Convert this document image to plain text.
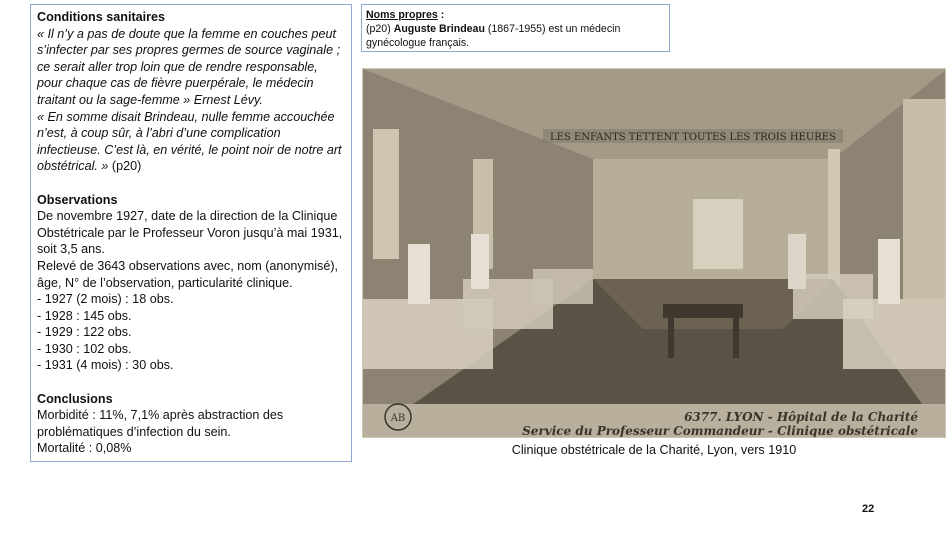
Conditions sanitaires

« Il n’y a pas de doute que la femme en couches peut

s’infecter par ses propres germes de source vaginale ;

ce serait aller trop loin que de rendre responsable,

pour chaque cas de fièvre puerpérale, le médecin

traitant ou la sage-femme » Ernest Lévy.

« En somme disait Brindeau, nulle femme accouchée

n’est, à coup sûr, à l’abri d’une complication

infectieuse. C’est là, en vérité, le point noir de notre art

obstétrical. » (p20)

Observations

De novembre 1927, date de la direction de la Clinique

Obstétricale par le Professeur Voron jusqu’à mai 1931,

soit 3,5 ans.

Relevé de 3643 observations avec, nom (anonymisé),

âge, N° de l’observation, particularité clinique.

- 1927 (2 mois) : 18 obs.

- 1928 : 145 obs.

- 1929 : 122 obs.

- 1930 : 102 obs.

- 1931 (4 mois) : 30 obs.

Conclusions

Morbidité : 11%, 7,1% après abstraction des

problématiques d’infection du sein.

Mortalité : 0,08%

Noms propres :
(p20) Auguste Brindeau (1867-1955) est un médecin
gynécologue français.
LES ENFANTS TETTENT TOUTES LES TROIS HEURES
AB	6377. LYON - Hôpital de la Charité
Service du Professeur Commandeur - Clinique obstétricale
Clinique obstétricale de la Charité, Lyon, vers 1910
22
